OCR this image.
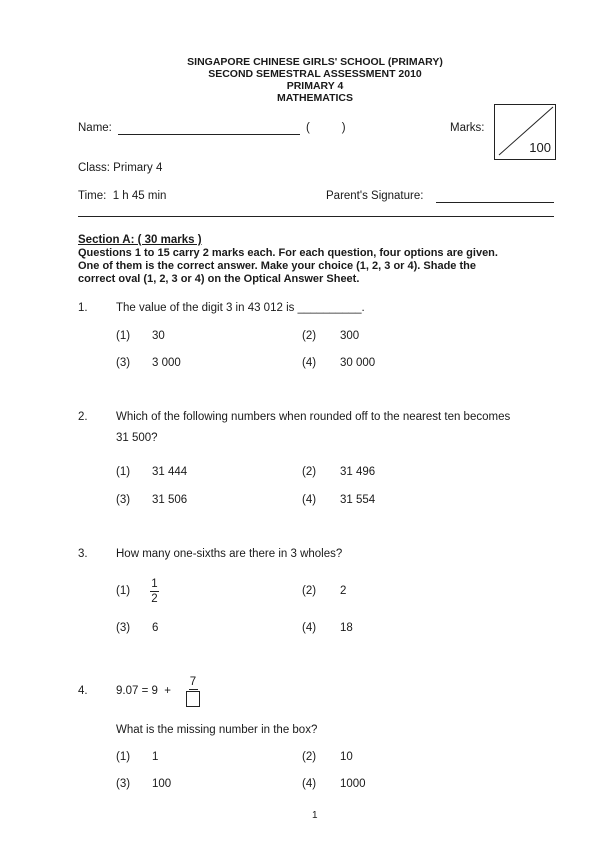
SINGAPORE CHINESE GIRLS' SCHOOL (PRIMARY)
SECOND SEMESTRAL ASSESSMENT 2010
PRIMARY 4
MATHEMATICS
Name:	(          )	Marks:
100
Class: Primary 4
Time:  1 h 45 min	Parent's Signature:
Section A: ( 30 marks )
Questions 1 to 15 carry 2 marks each. For each question, four options are given.
One of them is the correct answer. Make your choice (1, 2, 3 or 4). Shade the
correct oval (1, 2, 3 or 4) on the Optical Answer Sheet.
1. The value of the digit 3 in 43 012 is __________.
(1) 30	(2) 300
(3) 3 000	(4) 30 000
2. Which of the following numbers when rounded off to the nearest ten becomes
31 500?
(1) 31 444	(2) 31 496
(3) 31 506	(4) 31 554
3. How many one-sixths are there in 3 wholes?
(1)
1
2
(2) 2
(3) 6	(4) 18
4. 9.07 = 9  +
7
What is the missing number in the box?
(1) 1	(2) 10
(3) 100	(4) 1000
1
